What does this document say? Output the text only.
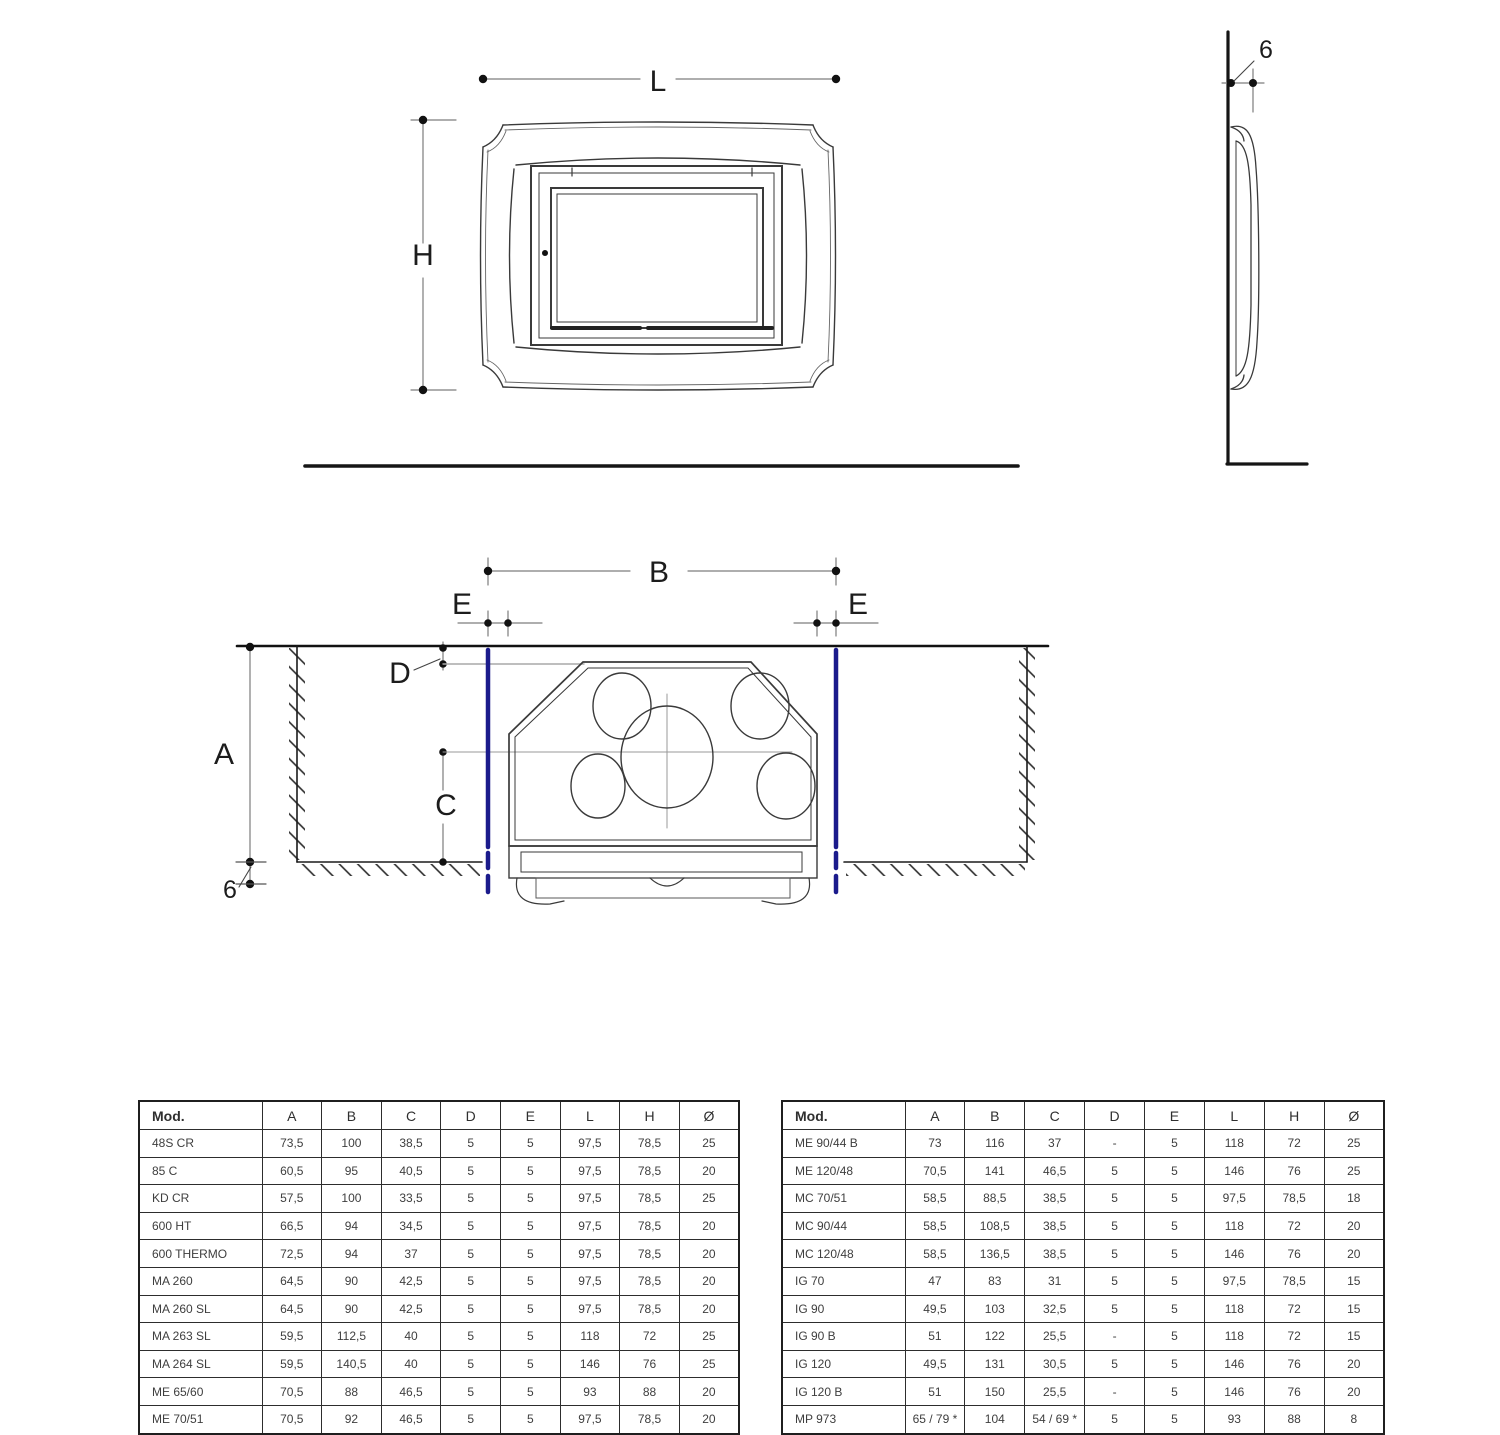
L
H
6
B
E	E
A
6
D
C
Mod.	A	B	C	D	E	L	H	Ø
48S CR	73,5	100	38,5	5	5	97,5	78,5	25
85 C	60,5	95	40,5	5	5	97,5	78,5	20
KD CR	57,5	100	33,5	5	5	97,5	78,5	25
600 HT	66,5	94	34,5	5	5	97,5	78,5	20
600 THERMO	72,5	94	37	5	5	97,5	78,5	20
MA 260	64,5	90	42,5	5	5	97,5	78,5	20
MA 260 SL	64,5	90	42,5	5	5	97,5	78,5	20
MA 263 SL	59,5	112,5	40	5	5	118	72	25
MA 264 SL	59,5	140,5	40	5	5	146	76	25
ME 65/60	70,5	88	46,5	5	5	93	88	20
ME 70/51	70,5	92	46,5	5	5	97,5	78,5	20
Mod.	A	B	C	D	E	L	H	Ø
ME 90/44 B	73	116	37	-	5	118	72	25
ME 120/48	70,5	141	46,5	5	5	146	76	25
MC 70/51	58,5	88,5	38,5	5	5	97,5	78,5	18
MC 90/44	58,5	108,5	38,5	5	5	118	72	20
MC 120/48	58,5	136,5	38,5	5	5	146	76	20
IG 70	47	83	31	5	5	97,5	78,5	15
IG 90	49,5	103	32,5	5	5	118	72	15
IG 90 B	51	122	25,5	-	5	118	72	15
IG 120	49,5	131	30,5	5	5	146	76	20
IG 120 B	51	150	25,5	-	5	146	76	20
MP 973	65 / 79 *	104	54 / 69 *	5	5	93	88	8
